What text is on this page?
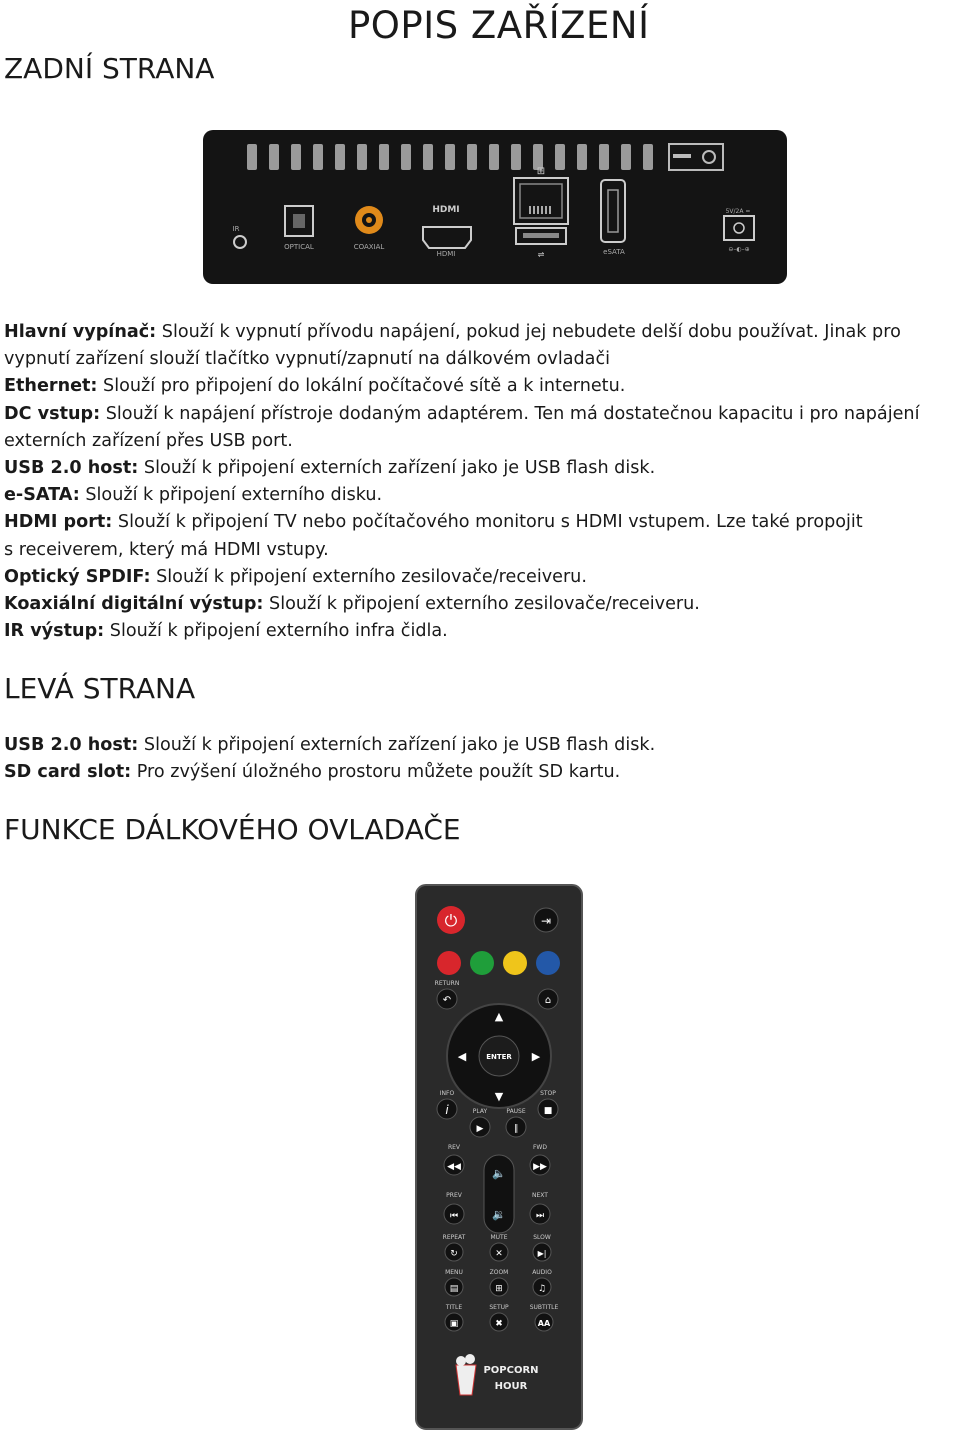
POPIS ZAŘÍZENÍ
ZADNÍ STRANA
IR
OPTICAL	COAXIAL
HDMI
HDMI
⊞
⇌	eSATA
5V/2A =
⊖–◐–⊕
Hlavní vypínač: Slouží k vypnutí přívodu napájení, pokud jej nebudete delší dobu používat. Jinak pro
vypnutí zařízení slouží tlačítko vypnutí/zapnutí na dálkovém ovladači
Ethernet: Slouží pro připojení do lokální počítačové sítě a k internetu.
DC vstup: Slouží k napájení přístroje dodaným adaptérem. Ten má dostatečnou kapacitu i pro napájení
externích zařízení přes USB port.
USB 2.0 host: Slouží k připojení externích zařízení jako je USB flash disk.
e-SATA: Slouží k připojení externího disku.
HDMI port: Slouží k připojení TV nebo počítačového monitoru s HDMI vstupem. Lze také propojit
s receiverem, který má HDMI vstupy.
Optický SPDIF: Slouží k připojení externího zesilovače/receiveru.
Koaxiální digitální výstup: Slouží k připojení externího zesilovače/receiveru.
IR výstup: Slouží k připojení externího infra čidla.
LEVÁ STRANA
USB 2.0 host: Slouží k připojení externích zařízení jako je USB flash disk.
SD card slot: Pro zvýšení úložného prostoru můžete použít SD kartu.
FUNKCE DÁLKOVÉHO OVLADAČE
⏻	⇥
RETURN
↶	⌂
ENTER
▲
▼
◀	▶
INFO
i	PLAY
▶
PAUSE
∥
STOP
■
🔈
🔉
REV
◀◀
FWD
▶▶
PREV
⏮
NEXT
⏭
REPEAT
↻
MUTE
✕
SLOW
▶|
MENU
▤
ZOOM
⊞
AUDIO
♫
TITLE
▣
SETUP
✖
SUBTITLE
AA
POPCORN
HOUR
